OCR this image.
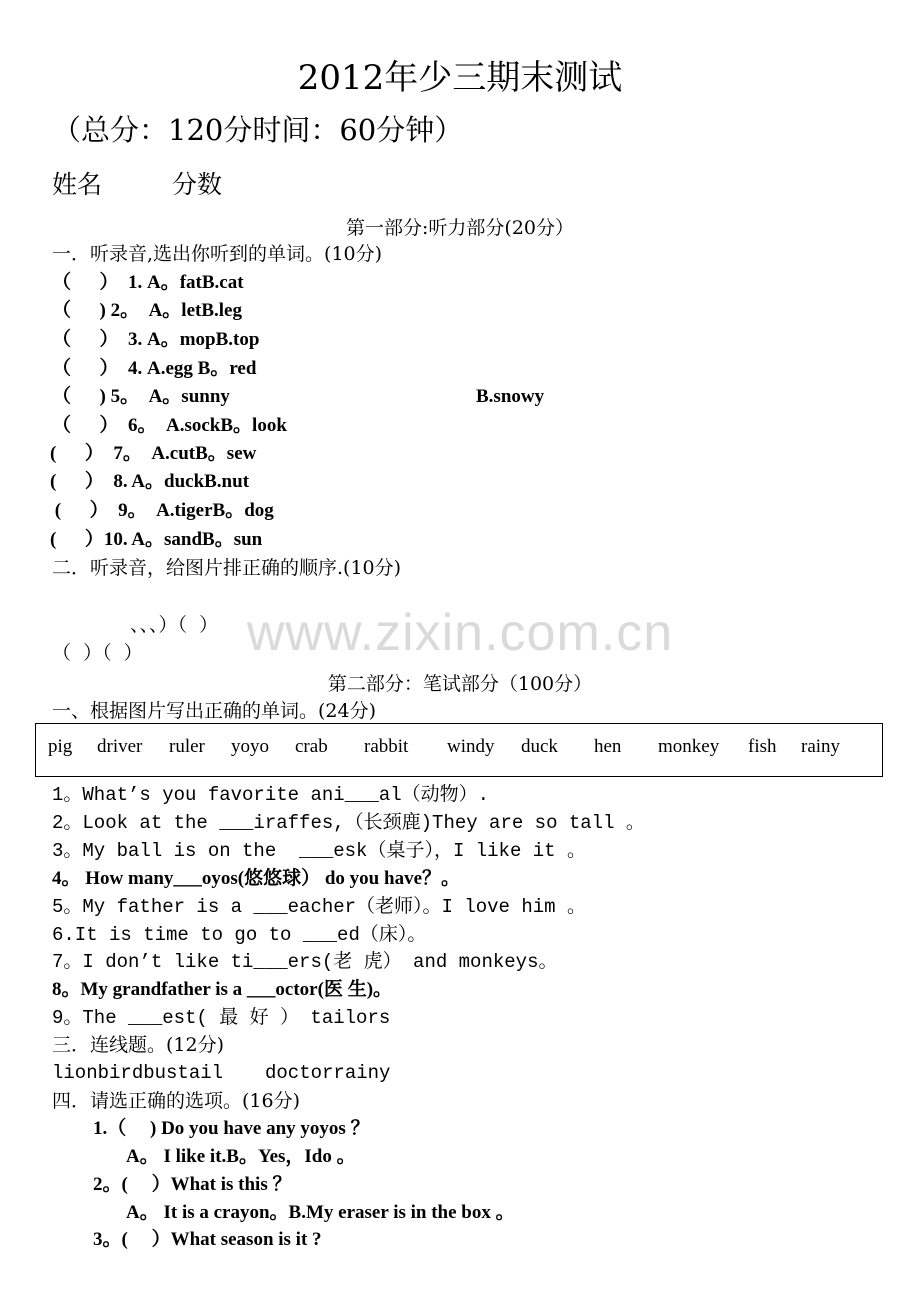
2012年少三期末测试
（总分：120分时间：60分钟）
姓名	分数
第一部分:听力部分(20分）
一．听录音,选出你听到的单词。(10分)
（　  ）  1. A。fatB.cat
（　  ) 2。  A。letB.leg
（　  ）  3. A。mopB.top
（　  ）  4. A.egg B。red
（　  ) 5。  A。sunny	B.snowy
（　  ）  6。  A.sockB。look
(　  ）  7。  A.cutB。sew
(　  ）  8. A。duckB.nut
(　  ）  9。  A.tigerB。dog
(　  ）10. A。sandB。sun
二．听录音，给图片排正确的顺序.(10分)
www.zixin.com.cn
、、、）（  ）
（  ）（  ）
第二部分：笔试部分（100分）
一、根据图片写出正确的单词。(24分)
pig driver ruler yoyo crab rabbit windy duck hen monkey fish rainy
1。What’s you favorite ani___al（动物）.
2。Look at the ___iraffes,（长颈鹿)They are so tall 。
3。My ball is on the  ___esk（桌子），I like it 。
4。 How many___oyos(悠悠球） do you have？。
5。My father is a ___eacher（老师）。I love him 。
6.It is time to go to ___ed（床）。
7。I don’t like ti___ers(老 虎） and monkeys。
8。My grandfather is a ___octor(医 生)。
9。The ___est( 最 好 ） tailors
三．连线题。(12分)
lionbirdbustail doctorrainy
四．请选正确的选项。(16分)
1.（     ) Do you have any yoyos ？
A。 I like it.B。Yes，Ido 。
2。(     ）What is this ？
A。 It is a crayon。B.My eraser is in the box 。
3。(     ）What season is it ?
